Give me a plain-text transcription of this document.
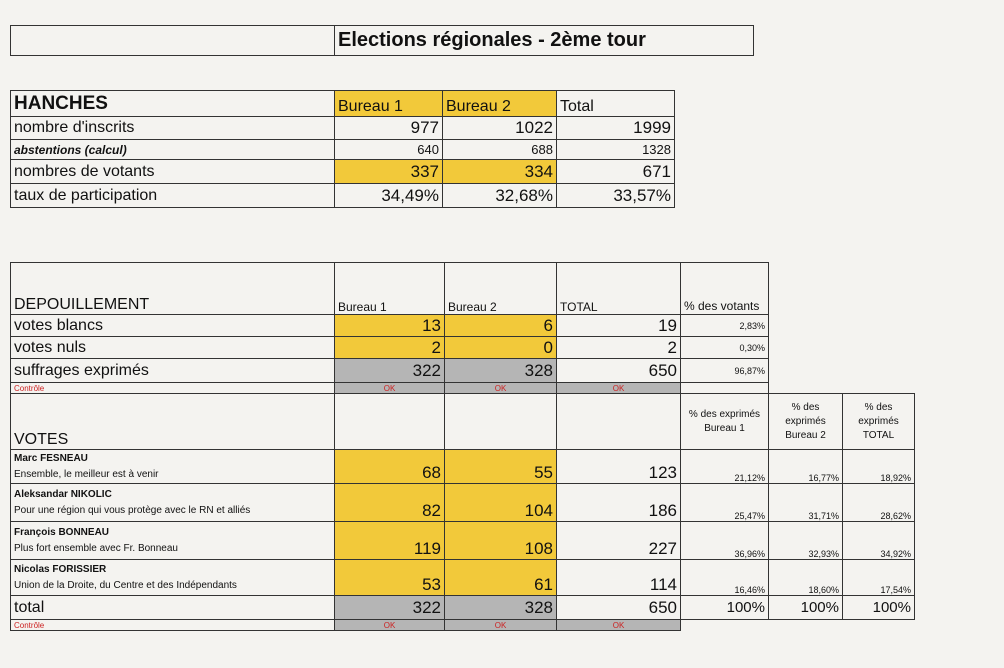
	Elections régionales - 2ème tour
HANCHES	Bureau 1	Bureau 2	Total
nombre d'inscrits	977	1022	1999
abstentions (calcul)	640	688	1328
nombres de votants	337	334	671
taux de participation	34,49%	32,68%	33,57%
DEPOUILLEMENT	Bureau 1	Bureau 2	TOTAL	% des votants		
votes blancs	13	6	19	2,83%		
votes nuls	2	0	2	0,30%		
suffrages exprimés	322	328	650	96,87%		
Contrôle	OK	OK	OK			
VOTES				% des exprimés Bureau 1	% des exprimés Bureau 2	% des exprimés TOTAL

Marc FESNEAU
Ensemble, le meilleur est à venir	68	55	123	21,12%	16,77%	18,92%

Aleksandar NIKOLIC
Pour une région qui vous protège avec le RN et alliés	82	104	186	25,47%	31,71%	28,62%

François BONNEAU
Plus fort ensemble avec Fr. Bonneau	119	108	227	36,96%	32,93%	34,92%

Nicolas FORISSIER
Union de la Droite, du Centre et des Indépendants	53	61	114	16,46%	18,60%	17,54%
total	322	328	650	100%	100%	100%
Contrôle	OK	OK	OK			
